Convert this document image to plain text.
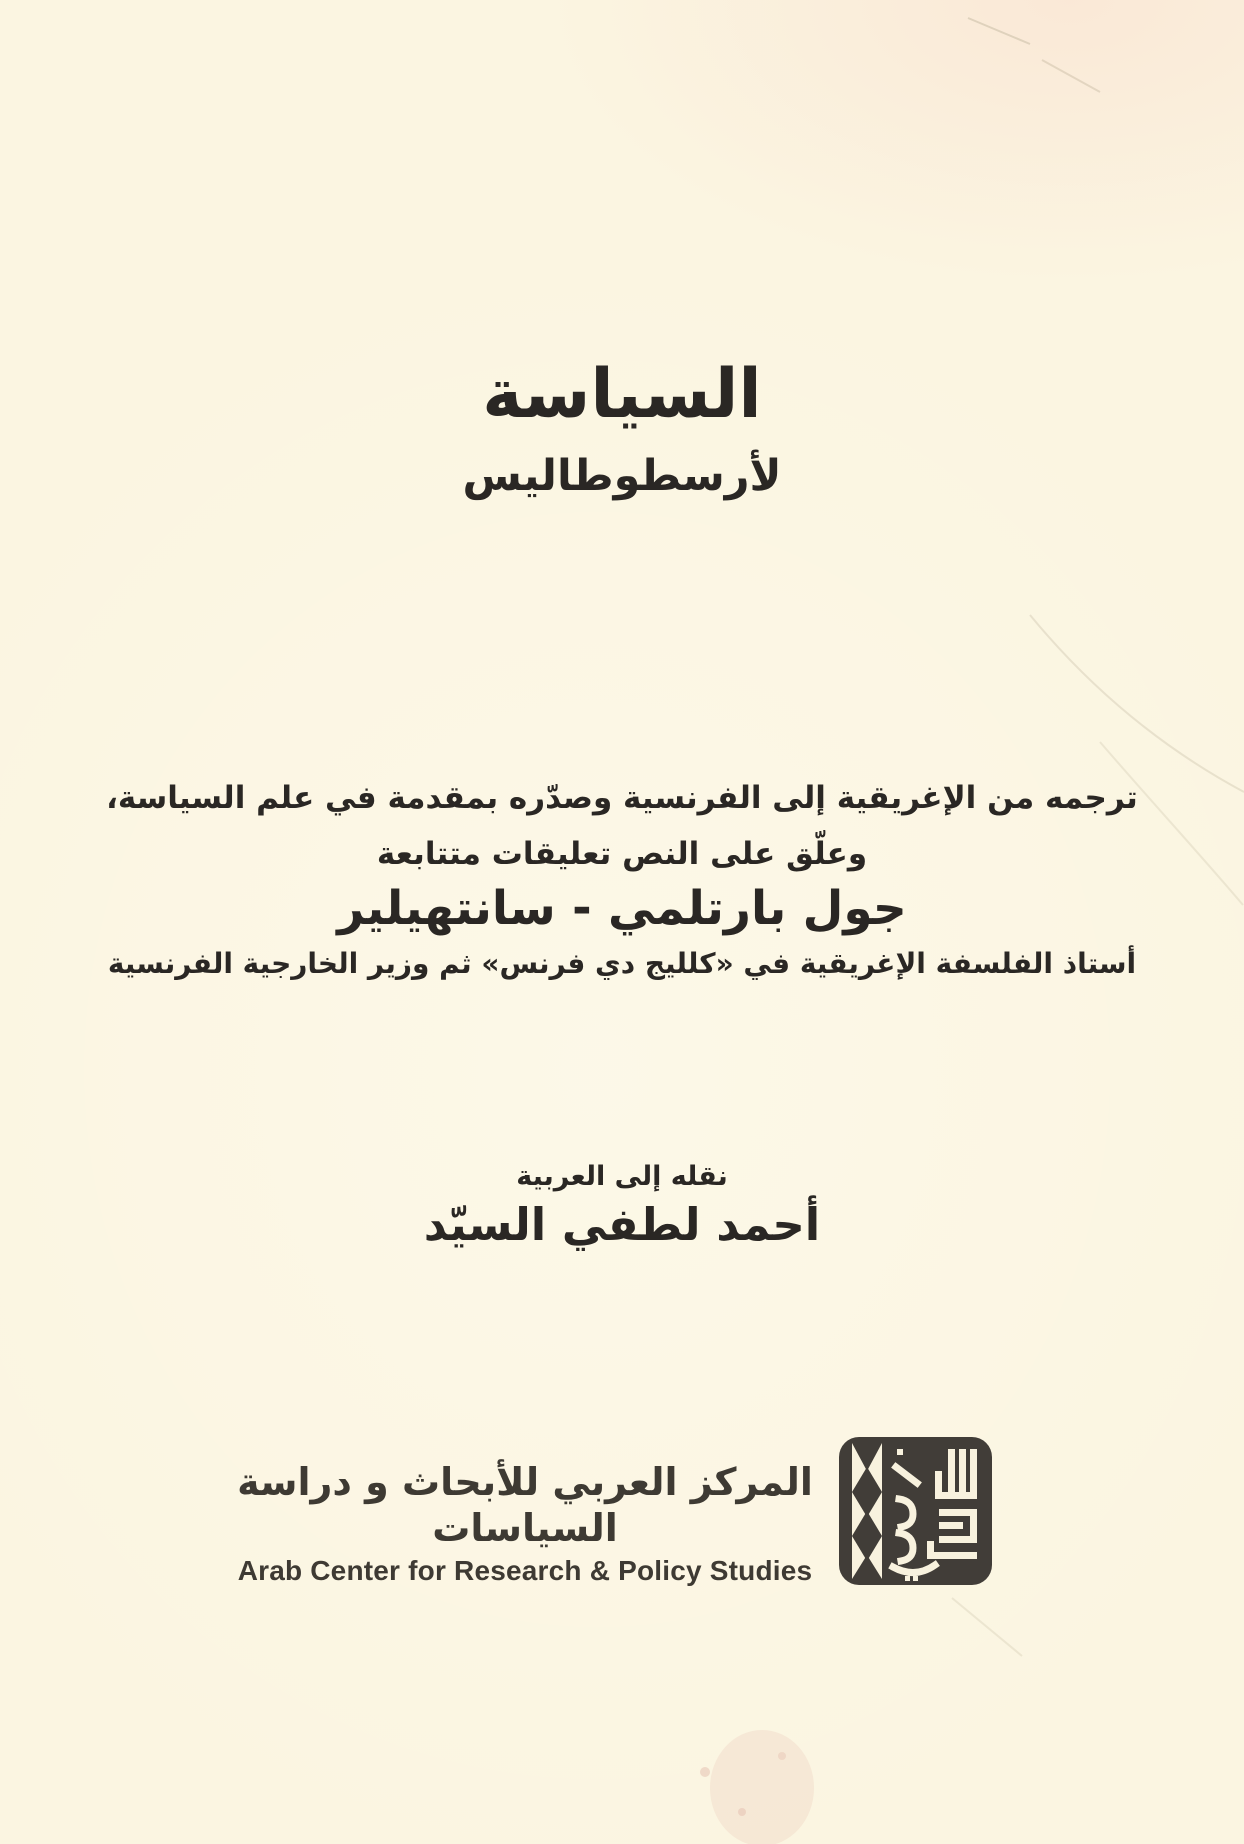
السياسة
لأرسطوطاليس
ترجمه من الإغريقية إلى الفرنسية وصدّره بمقدمة في علم السياسة،
وعلّق على النص تعليقات متتابعة
جول بارتلمي - سانتهيلير
أستاذ الفلسفة الإغريقية في «كلليج دي فرنس» ثم وزير الخارجية الفرنسية
نقله إلى العربية
أحمد لطفي السيّد
المركز العربي للأبحاث و دراسة السياسات
Arab Center for Research & Policy Studies
